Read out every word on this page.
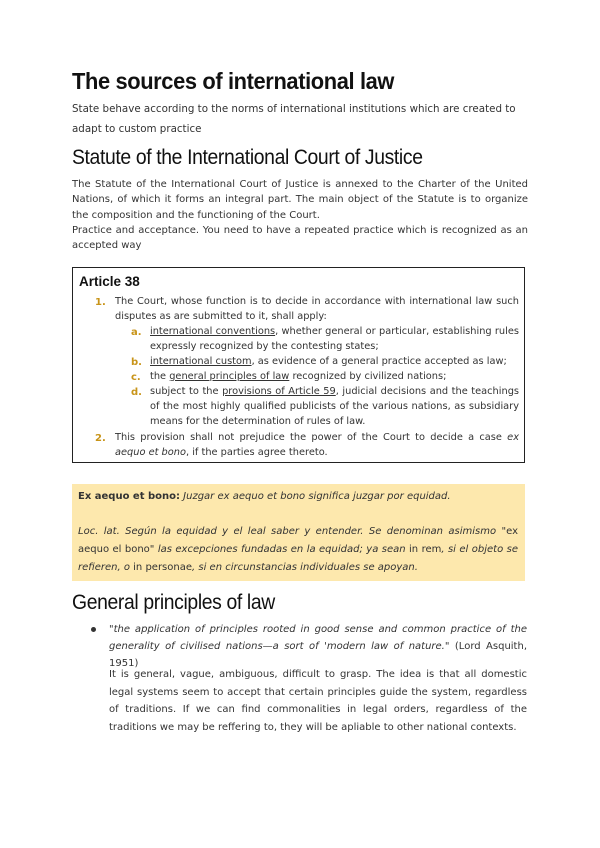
The sources of international law
State behave according to the norms of international institutions which are created to adapt to custom practice
Statute of the International Court of Justice
The Statute of the International Court of Justice is annexed to the Charter of the United Nations, of which it forms an integral part. The main object of the Statute is to organize the composition and the functioning of the Court.
Practice and acceptance. You need to have a repeated practice which is recognized as an accepted way
Article 38
1. The Court, whose function is to decide in accordance with international law such disputes as are submitted to it, shall apply:
a. international conventions, whether general or particular, establishing rules expressly recognized by the contesting states;
b. international custom, as evidence of a general practice accepted as law;
c. the general principles of law recognized by civilized nations;
d. subject to the provisions of Article 59, judicial decisions and the teachings of the most highly qualified publicists of the various nations, as subsidiary means for the determination of rules of law.
2. This provision shall not prejudice the power of the Court to decide a case ex aequo et bono, if the parties agree thereto.
Ex aequo et bono: Juzgar ex aequo et bono significa juzgar por equidad.
Loc. lat. Según la equidad y el leal saber y entender. Se denominan asimismo "ex aequo el bono" las excepciones fundadas en la equidad; ya sean in rem, si el objeto se refieren, o in personae, si en circunstancias individuales se apoyan.
General principles of law
"the application of principles rooted in good sense and common practice of the generality of civilised nations—a sort of 'modern law of nature." (Lord Asquith, 1951)
It is general, vague, ambiguous, difficult to grasp. The idea is that all domestic legal systems seem to accept that certain principles guide the system, regardless of traditions. If we can find commonalities in legal orders, regardless of the traditions we may be reffering to, they will be apliable to other national contexts.
